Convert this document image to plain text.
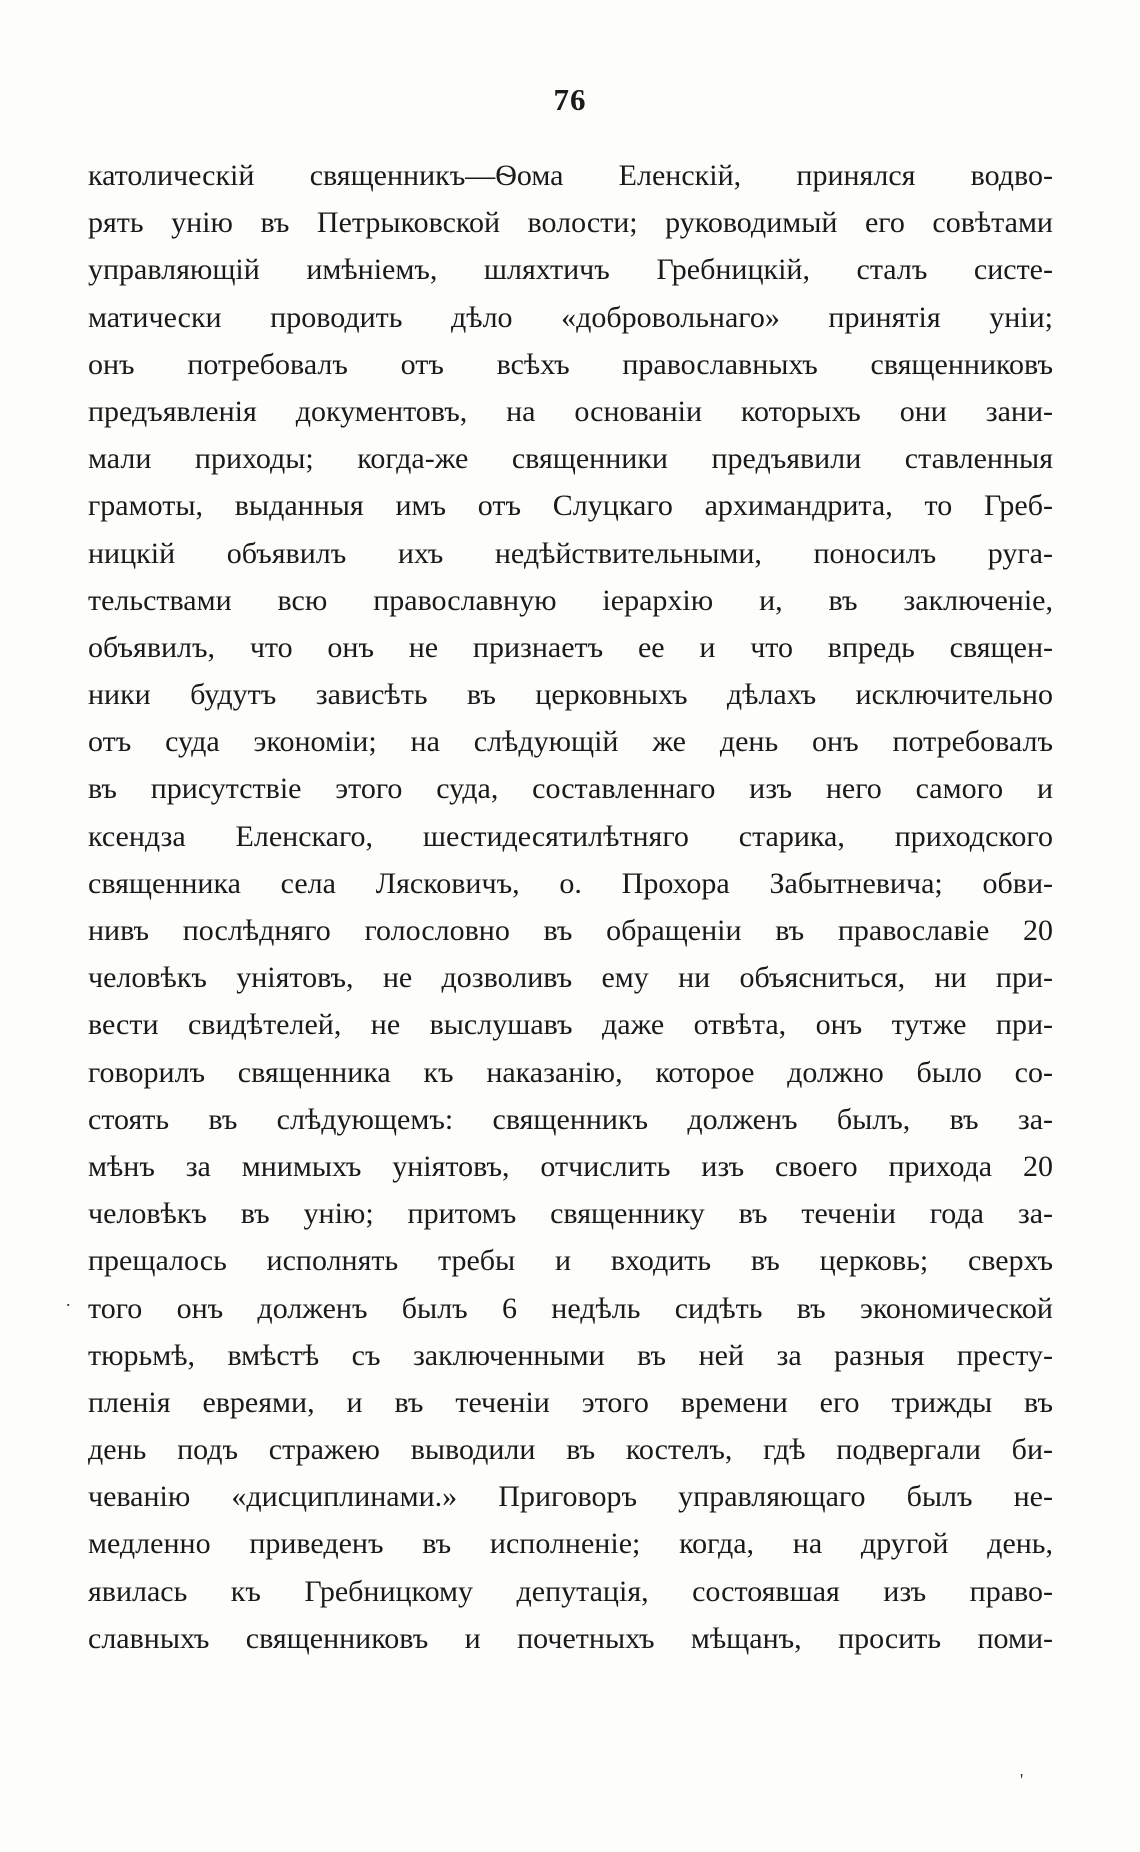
76
католическій священникъ—Ѳома Еленскій, принялся водво-
рять унію въ Петрыковской волости; руководимый его совѣтами
управляющій имѣніемъ, шляхтичъ Гребницкій, сталъ систе-
матически проводить дѣло «добровольнаго» принятія уніи;
онъ потребовалъ отъ всѣхъ православныхъ священниковъ
предъявленія документовъ, на основаніи которыхъ они зани-
мали приходы; когда-же священники предъявили ставленныя
грамоты, выданныя имъ отъ Слуцкаго архимандрита, то Греб-
ницкій объявилъ ихъ недѣйствительными, поносилъ руга-
тельствами всю православную іерархію и, въ заключеніе,
объявилъ, что онъ не признаетъ ее и что впредь священ-
ники будутъ зависѣть въ церковныхъ дѣлахъ исключительно
отъ суда экономіи; на слѣдующій же день онъ потребовалъ
въ присутствіе этого суда, составленнаго изъ него самого и
ксендза Еленскаго, шестидесятилѣтняго старика, приходского
священника села Лясковичъ, о. Прохора Забытневича; обви-
нивъ послѣдняго голословно въ обращеніи въ православіе 20
человѣкъ уніятовъ, не дозволивъ ему ни объясниться, ни при-
вести свидѣтелей, не выслушавъ даже отвѣта, онъ тутже при-
говорилъ священника къ наказанію, которое должно было со-
стоять въ слѣдующемъ: священникъ долженъ былъ, въ за-
мѣнъ за мнимыхъ уніятовъ, отчислить изъ своего прихода 20
человѣкъ въ унію; притомъ священнику въ теченіи года за-
прещалось исполнять требы и входить въ церковь; сверхъ
того онъ долженъ былъ 6 недѣль сидѣть въ экономической
тюрьмѣ, вмѣстѣ съ заключенными въ ней за разныя престу-
пленія евреями, и въ теченіи этого времени его трижды въ
день подъ стражею выводили въ костелъ, гдѣ подвергали би-
чеванію «дисциплинами.» Приговоръ управляющаго былъ не-
медленно приведенъ въ исполненіе; когда, на другой день,
явилась къ Гребницкому депутація, состоявшая изъ право-
славныхъ священниковъ и почетныхъ мѣщанъ, просить поми-
.
'
